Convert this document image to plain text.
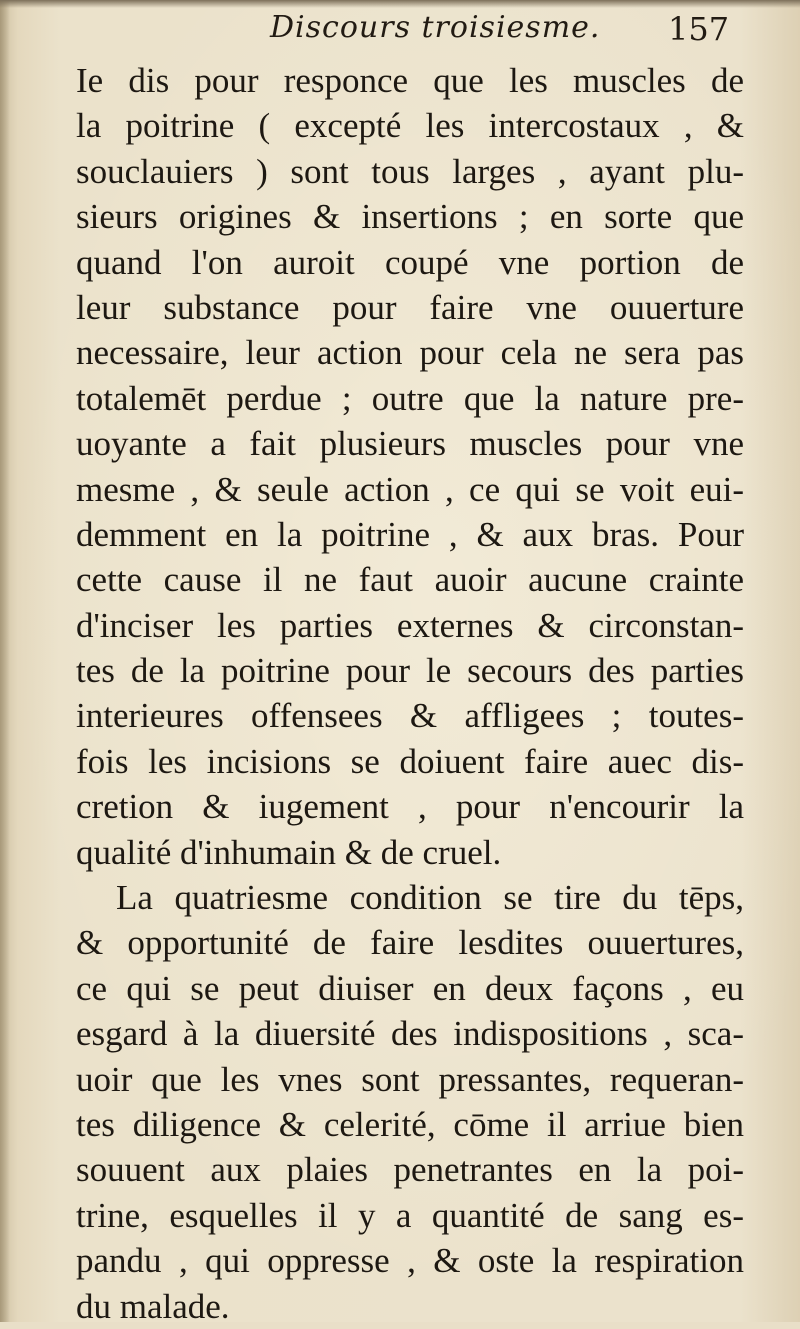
Discours troisiesme. 157
Ie dis pour responce que les muscles de
la poitrine ( excepté les intercostaux , &
souclauiers ) sont tous larges , ayant plu-
sieurs origines & insertions ; en sorte que
quand l'on auroit coupé vne portion de
leur substance pour faire vne ouuerture
necessaire, leur action pour cela ne sera pas
totalemēt perdue ; outre que la nature pre-
uoyante a fait plusieurs muscles pour vne
mesme , & seule action , ce qui se voit eui-
demment en la poitrine , & aux bras. Pour
cette cause il ne faut auoir aucune crainte
d'inciser les parties externes & circonstan-
tes de la poitrine pour le secours des parties
interieures offensees & affligees ; toutes-
fois les incisions se doiuent faire auec dis-
cretion & iugement , pour n'encourir la
qualité d'inhumain & de cruel.
La quatriesme condition se tire du tēps,
& opportunité de faire lesdites ouuertures,
ce qui se peut diuiser en deux façons , eu
esgard à la diuersité des indispositions , sca-
uoir que les vnes sont pressantes, requeran-
tes diligence & celerité, cōme il arriue bien
souuent aux plaies penetrantes en la poi-
trine, esquelles il y a quantité de sang es-
pandu , qui oppresse , & oste la respiration
du malade.
